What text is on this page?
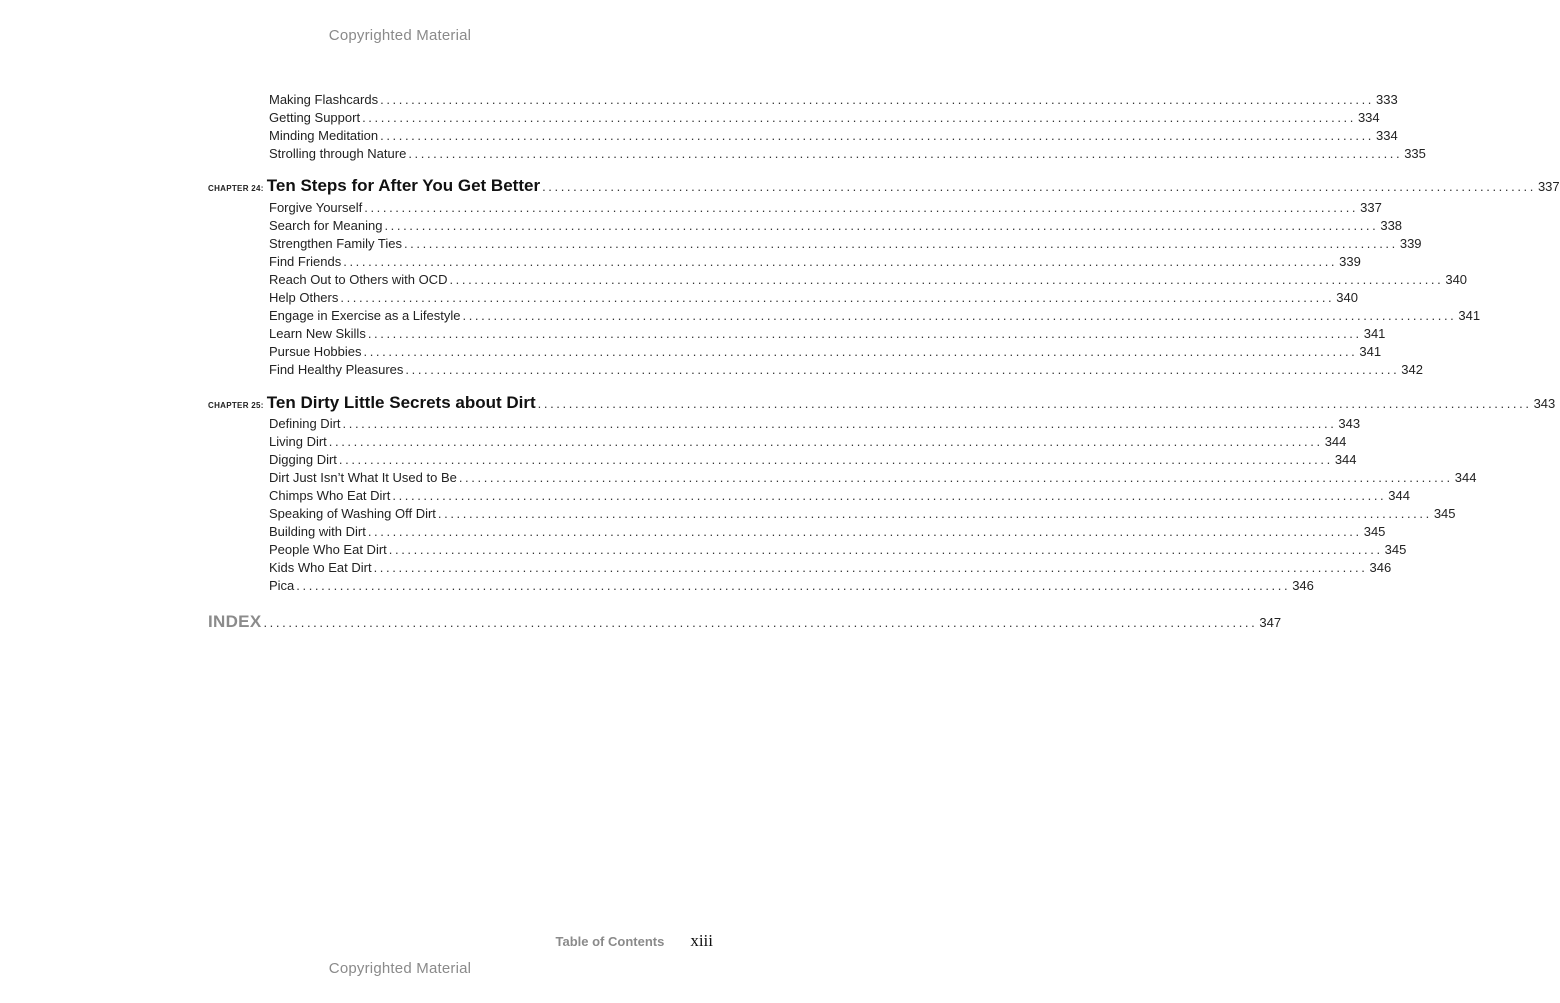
Copyrighted Material
Making Flashcards ................................................................................................................................................................ 333
Getting Support ................................................................................................................................................................ 334
Minding Meditation ................................................................................................................................................................ 334
Strolling through Nature ................................................................................................................................................................ 335
CHAPTER 24: Ten Steps for After You Get Better ................................................................................................................................................................ 337
Forgive Yourself ................................................................................................................................................................ 337
Search for Meaning ................................................................................................................................................................ 338
Strengthen Family Ties ................................................................................................................................................................ 339
Find Friends ................................................................................................................................................................ 339
Reach Out to Others with OCD ................................................................................................................................................................ 340
Help Others ................................................................................................................................................................ 340
Engage in Exercise as a Lifestyle ................................................................................................................................................................ 341
Learn New Skills ................................................................................................................................................................ 341
Pursue Hobbies ................................................................................................................................................................ 341
Find Healthy Pleasures ................................................................................................................................................................ 342
CHAPTER 25: Ten Dirty Little Secrets about Dirt ................................................................................................................................................................ 343
Defining Dirt ................................................................................................................................................................ 343
Living Dirt ................................................................................................................................................................ 344
Digging Dirt ................................................................................................................................................................ 344
Dirt Just Isn’t What It Used to Be ................................................................................................................................................................ 344
Chimps Who Eat Dirt ................................................................................................................................................................ 344
Speaking of Washing Off Dirt ................................................................................................................................................................ 345
Building with Dirt ................................................................................................................................................................ 345
People Who Eat Dirt ................................................................................................................................................................ 345
Kids Who Eat Dirt ................................................................................................................................................................ 346
Pica ................................................................................................................................................................ 346
INDEX ................................................................................................................................................................ 347
Table of Contents xiii
Copyrighted Material
